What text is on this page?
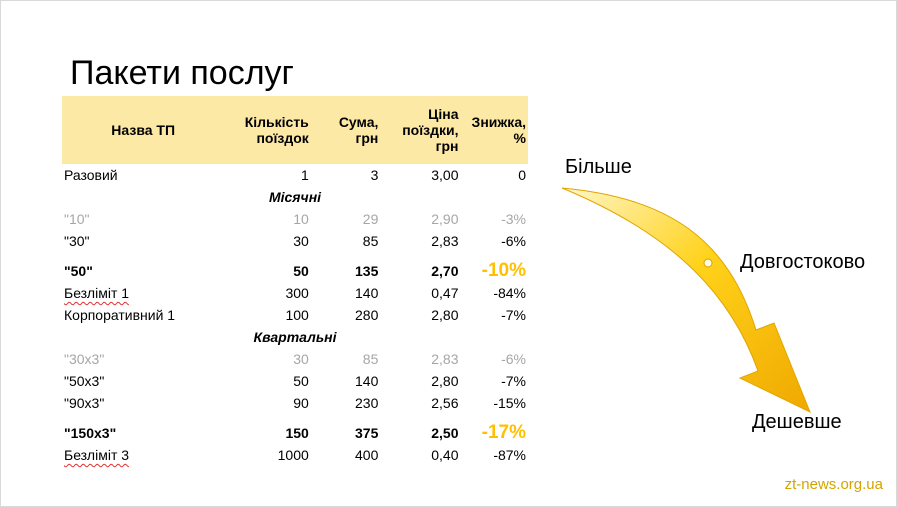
Пакети послуг
Назва ТП	Кількість поїздок	Сума, грн	Ціна поїздки, грн	Знижка, %
Разовий	1	3	3,00	0
Місячні				
"10"	10	29	2,90	-3%
"30"	30	85	2,83	-6%
"50"	50	135	2,70	-10%
Безліміт 1	300	140	0,47	-84%
Корпоративний 1	100	280	2,80	-7%
Квартальні				
"30х3"	30	85	2,83	-6%
"50х3"	50	140	2,80	-7%
"90х3"	90	230	2,56	-15%
"150х3"	150	375	2,50	-17%
Безліміт 3	1000	400	0,40	-87%
Більше
Довгостоково
Дешевше
zt-news.org.ua
